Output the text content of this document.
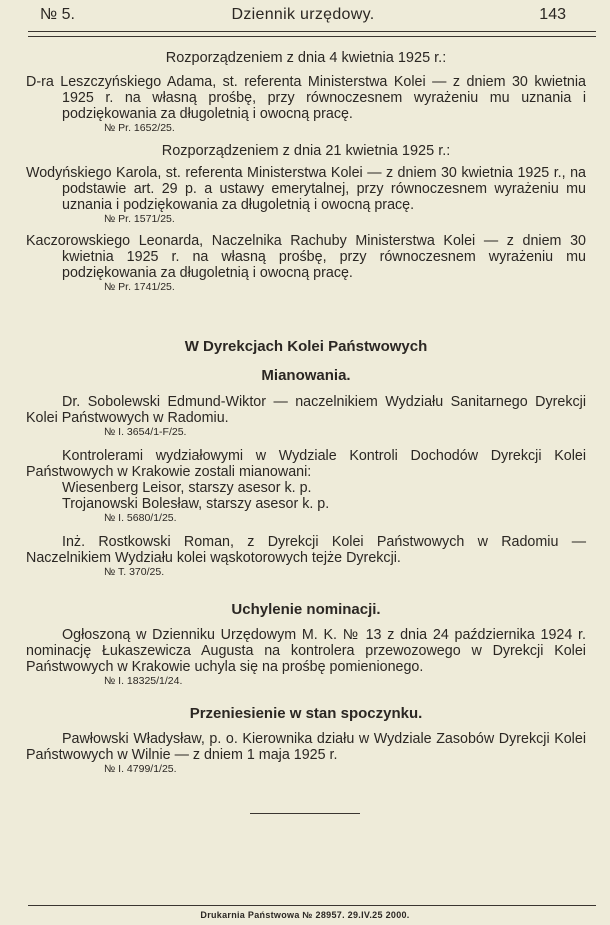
№ 5.	Dziennik urzędowy.	143

Rozporządzeniem z dnia 4 kwietnia 1925 r.:

D-ra Leszczyńskiego Adama, st. referenta Ministerstwa Kolei — z dniem 30 kwietnia 1925 r. na własną prośbę, przy równoczesnem wyrażeniu mu uznania i podziękowania za długoletnią i owocną pracę.

№ Pr. 1652/25.

Rozporządzeniem z dnia 21 kwietnia 1925 r.:

Wodyńskiego Karola, st. referenta Ministerstwa Kolei — z dniem 30 kwietnia 1925 r., na podstawie art. 29 p. a ustawy emerytalnej, przy równoczesnem wyrażeniu mu uznania i podziękowania za długoletnią i owocną pracę.

№ Pr. 1571/25.

Kaczorowskiego Leonarda, Naczelnika Rachuby Ministerstwa Kolei — z dniem 30 kwietnia 1925 r. na własną prośbę, przy równoczesnem wyrażeniu mu podziękowania za długoletnią i owocną pracę.

№ Pr. 1741/25.

W Dyrekcjach Kolei Państwowych

Mianowania.

Dr. Sobolewski Edmund-Wiktor — naczelnikiem Wydziału Sanitarnego Dyrekcji Kolei Państwowych w Radomiu.

№ I. 3654/1-F/25.

Kontrolerami wydziałowymi w Wydziale Kontroli Dochodów Dyrekcji Kolei Państwowych w Krakowie zostali mianowani:

Wiesenberg Leisor, starszy asesor k. p.

Trojanowski Bolesław, starszy asesor k. p.

№ I. 5680/1/25.

Inż. Rostkowski Roman, z Dyrekcji Kolei Państwowych w Radomiu — Naczelnikiem Wydziału kolei wąskotorowych tejże Dyrekcji.

№ T. 370/25.

Uchylenie nominacji.

Ogłoszoną w Dzienniku Urzędowym M. K. № 13 z dnia 24 października 1924 r. nominację Łukaszewicza Augusta na kontrolera przewozowego w Dyrekcji Kolei Państwowych w Krakowie uchyla się na prośbę pomienionego.

№ I. 18325/1/24.

Przeniesienie w stan spoczynku.

Pawłowski Władysław, p. o. Kierownika działu w Wydziale Zasobów Dyrekcji Kolei Państwowych w Wilnie — z dniem 1 maja 1925 r.

№ I. 4799/1/25.

Drukarnia Państwowa № 28957. 29.IV.25 2000.
